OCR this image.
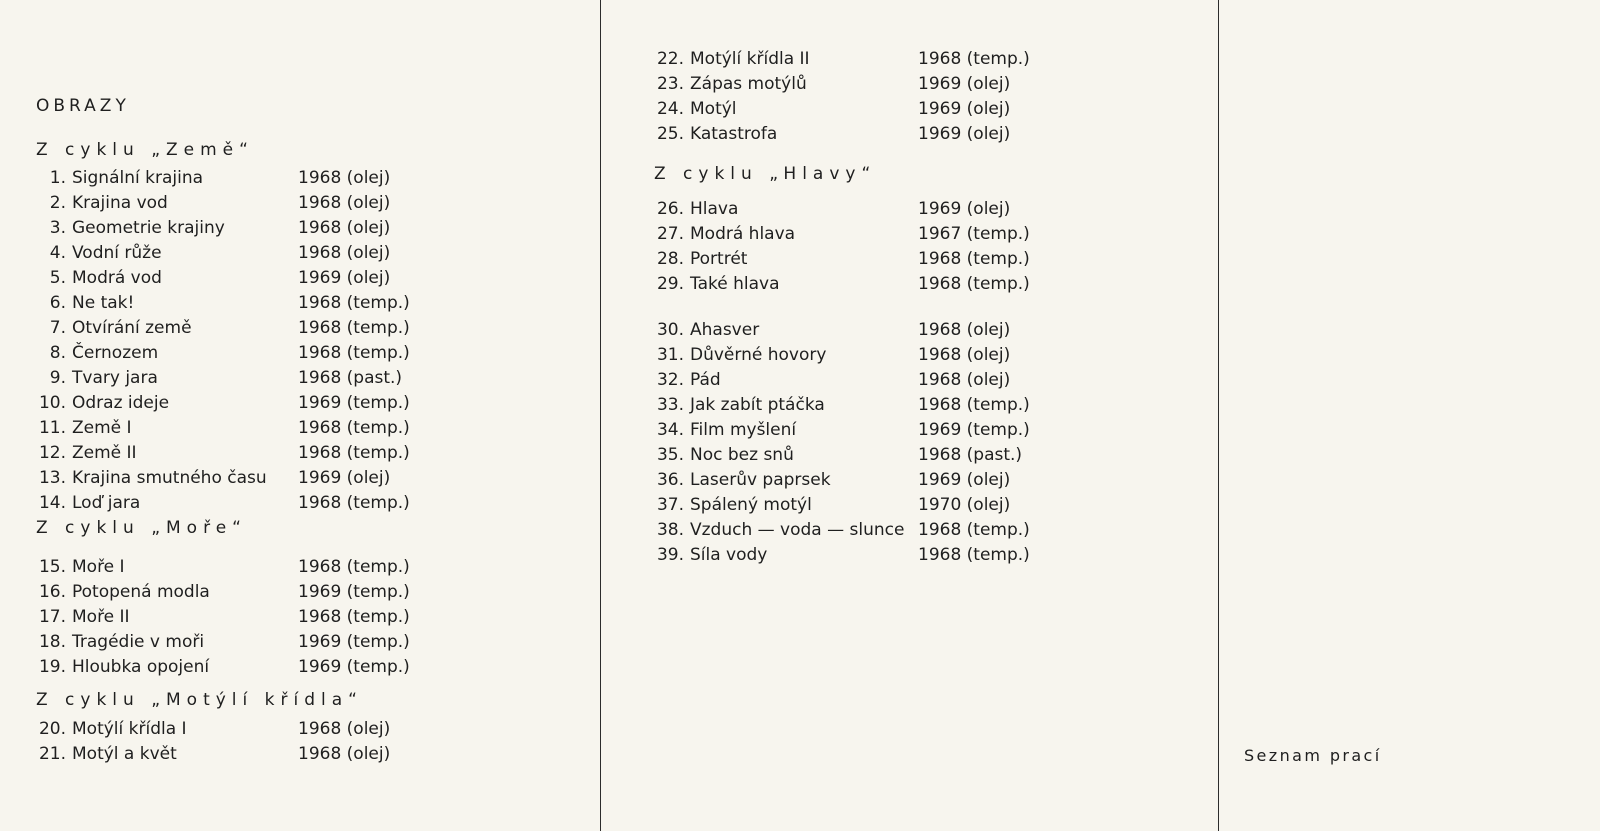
OBRAZY
Z cyklu „Země“
1. Signální krajina	1968 (olej)
2. Krajina vod	1968 (olej)
3. Geometrie krajiny	1968 (olej)
4. Vodní růže	1968 (olej)
5. Modrá vod	1969 (olej)
6. Ne tak!	1968 (temp.)
7. Otvírání země	1968 (temp.)
8. Černozem	1968 (temp.)
9. Tvary jara	1968 (past.)
10. Odraz ideje	1969 (temp.)
11. Země I	1968 (temp.)
12. Země II	1968 (temp.)
13. Krajina smutného času 1969 (olej)
14. Loď jara	1968 (temp.)
Z cyklu „Moře“
15. Moře I	1968 (temp.)
16. Potopená modla	1969 (temp.)
17. Moře II	1968 (temp.)
18. Tragédie v moři	1969 (temp.)
19. Hloubka opojení	1969 (temp.)
Z cyklu „Motýlí křídla“
20. Motýlí křídla I	1968 (olej)
21. Motýl a květ	1968 (olej)
22. Motýlí křídla II	1968 (temp.)
23. Zápas motýlů	1969 (olej)
24. Motýl	1969 (olej)
25. Katastrofa	1969 (olej)
Z cyklu „Hlavy“
26. Hlava	1969 (olej)
27. Modrá hlava	1967 (temp.)
28. Portrét	1968 (temp.)
29. Také hlava	1968 (temp.)
30. Ahasver	1968 (olej)
31. Důvěrné hovory	1968 (olej)
32. Pád	1968 (olej)
33. Jak zabít ptáčka	1968 (temp.)
34. Film myšlení	1969 (temp.)
35. Noc bez snů	1968 (past.)
36. Laserův paprsek	1969 (olej)
37. Spálený motýl	1970 (olej)
38. Vzduch — voda — slunce 1968 (temp.)
39. Síla vody	1968 (temp.)
Seznam prací
